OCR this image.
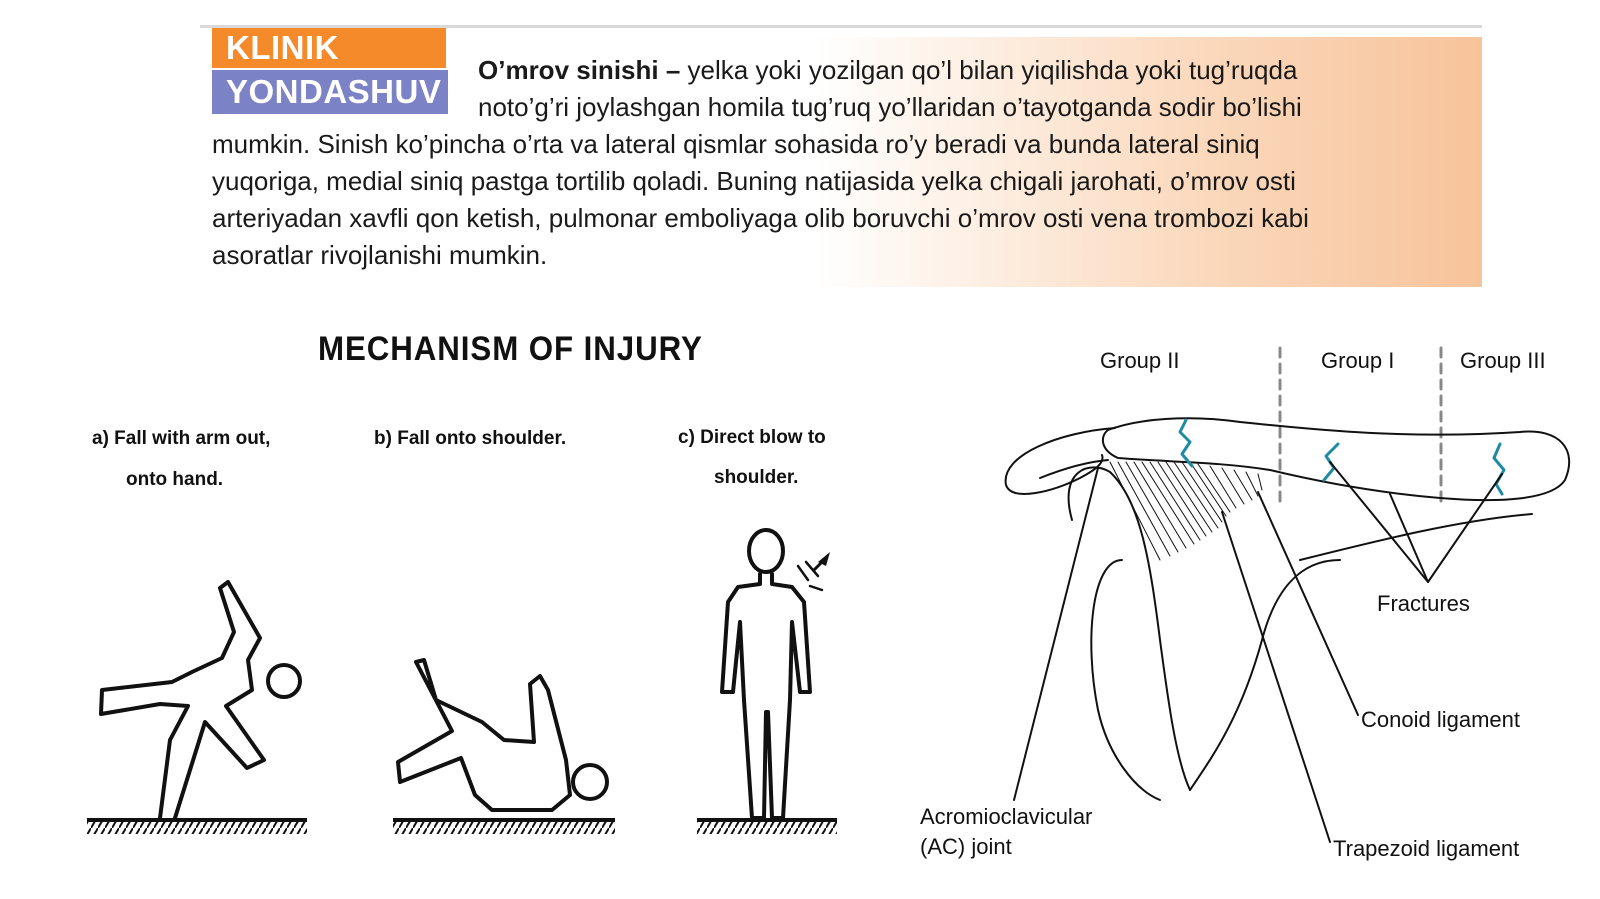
KLINIK
YONDASHUV
O’mrov sinishi – yelka yoki yozilgan qo’l bilan yiqilishda yoki tug’ruqda
noto’g’ri joylashgan homila tug’ruq yo’llaridan o’tayotganda sodir bo’lishi
mumkin. Sinish ko’pincha o’rta va lateral qismlar sohasida ro’y beradi va bunda lateral siniq
yuqoriga, medial siniq pastga tortilib qoladi. Buning natijasida yelka chigali jarohati, o’mrov osti
arteriyadan xavfli qon ketish, pulmonar emboliyaga olib boruvchi o’mrov osti vena trombozi kabi
asoratlar rivojlanishi mumkin.
MECHANISM OF INJURY
a) Fall with arm out,
onto hand.
b) Fall onto shoulder.	c) Direct blow to
shoulder.
Group II	Group I	Group III
Fractures
Conoid ligament
Acromioclavicular
(AC) joint	Trapezoid ligament
